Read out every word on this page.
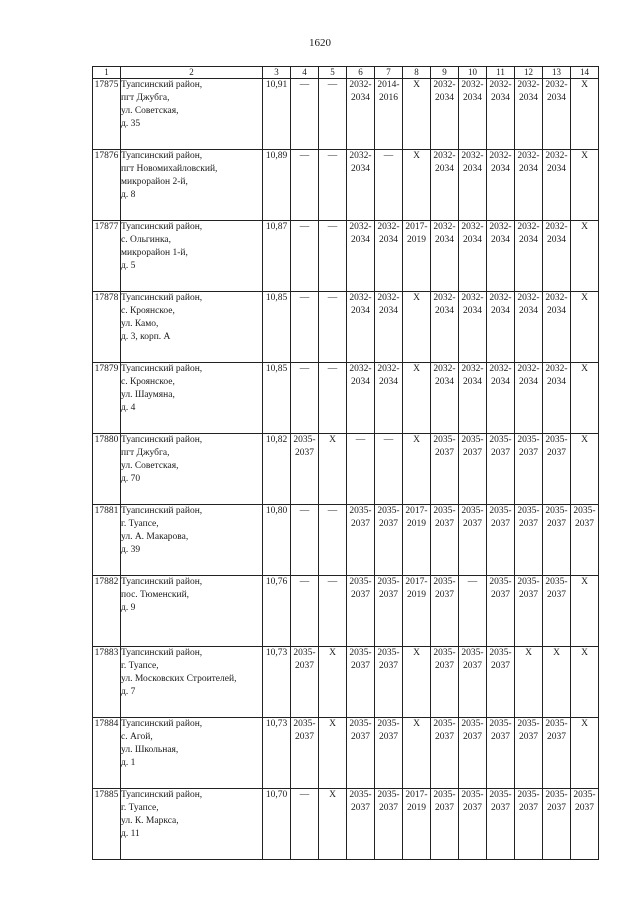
1620
1	2	3	4	5	6	7	8	9	10	11	12	13	14
17875	Туапсинский район,
пгт Джубга,
ул. Советская,
д. 35	10,91	—	—	2032-
2034	2014-
2016	X	2032-
2034	2032-
2034	2032-
2034	2032-
2034	2032-
2034	X

17876	Туапсинский район,
пгт Новомихайловский,
микрорайон 2-й,
д. 8	10,89	—	—	2032-
2034	—	X	2032-
2034	2032-
2034	2032-
2034	2032-
2034	2032-
2034	X

17877	Туапсинский район,
с. Ольгинка,
микрорайон 1-й,
д. 5	10,87	—	—	2032-
2034	2032-
2034	2017-
2019	2032-
2034	2032-
2034	2032-
2034	2032-
2034	2032-
2034	X

17878	Туапсинский район,
с. Кроянское,
ул. Камо,
д. 3, корп. А	10,85	—	—	2032-
2034	2032-
2034	X	2032-
2034	2032-
2034	2032-
2034	2032-
2034	2032-
2034	X

17879	Туапсинский район,
с. Кроянское,
ул. Шаумяна,
д. 4	10,85	—	—	2032-
2034	2032-
2034	X	2032-
2034	2032-
2034	2032-
2034	2032-
2034	2032-
2034	X

17880	Туапсинский район,
пгт Джубга,
ул. Советская,
д. 70	10,82	2035-
2037	X	—	—	X	2035-
2037	2035-
2037	2035-
2037	2035-
2037	2035-
2037	X

17881	Туапсинский район,
г. Туапсе,
ул. А. Макарова,
д. 39	10,80	—	—	2035-
2037	2035-
2037	2017-
2019	2035-
2037	2035-
2037	2035-
2037	2035-
2037	2035-
2037	2035-
2037

17882	Туапсинский район,
пос. Тюменский,
д. 9	10,76	—	—	2035-
2037	2035-
2037	2017-
2019	2035-
2037	—	2035-
2037	2035-
2037	2035-
2037	X

17883	Туапсинский район,
г. Туапсе,
ул. Московских Строителей,
д. 7	10,73	2035-
2037	X	2035-
2037	2035-
2037	X	2035-
2037	2035-
2037	2035-
2037	X	X	X

17884	Туапсинский район,
с. Агой,
ул. Школьная,
д. 1	10,73	2035-
2037	X	2035-
2037	2035-
2037	X	2035-
2037	2035-
2037	2035-
2037	2035-
2037	2035-
2037	X

17885	Туапсинский район,
г. Туапсе,
ул. К. Маркса,
д. 11	10,70	—	X	2035-
2037	2035-
2037	2017-
2019	2035-
2037	2035-
2037	2035-
2037	2035-
2037	2035-
2037	2035-
2037
